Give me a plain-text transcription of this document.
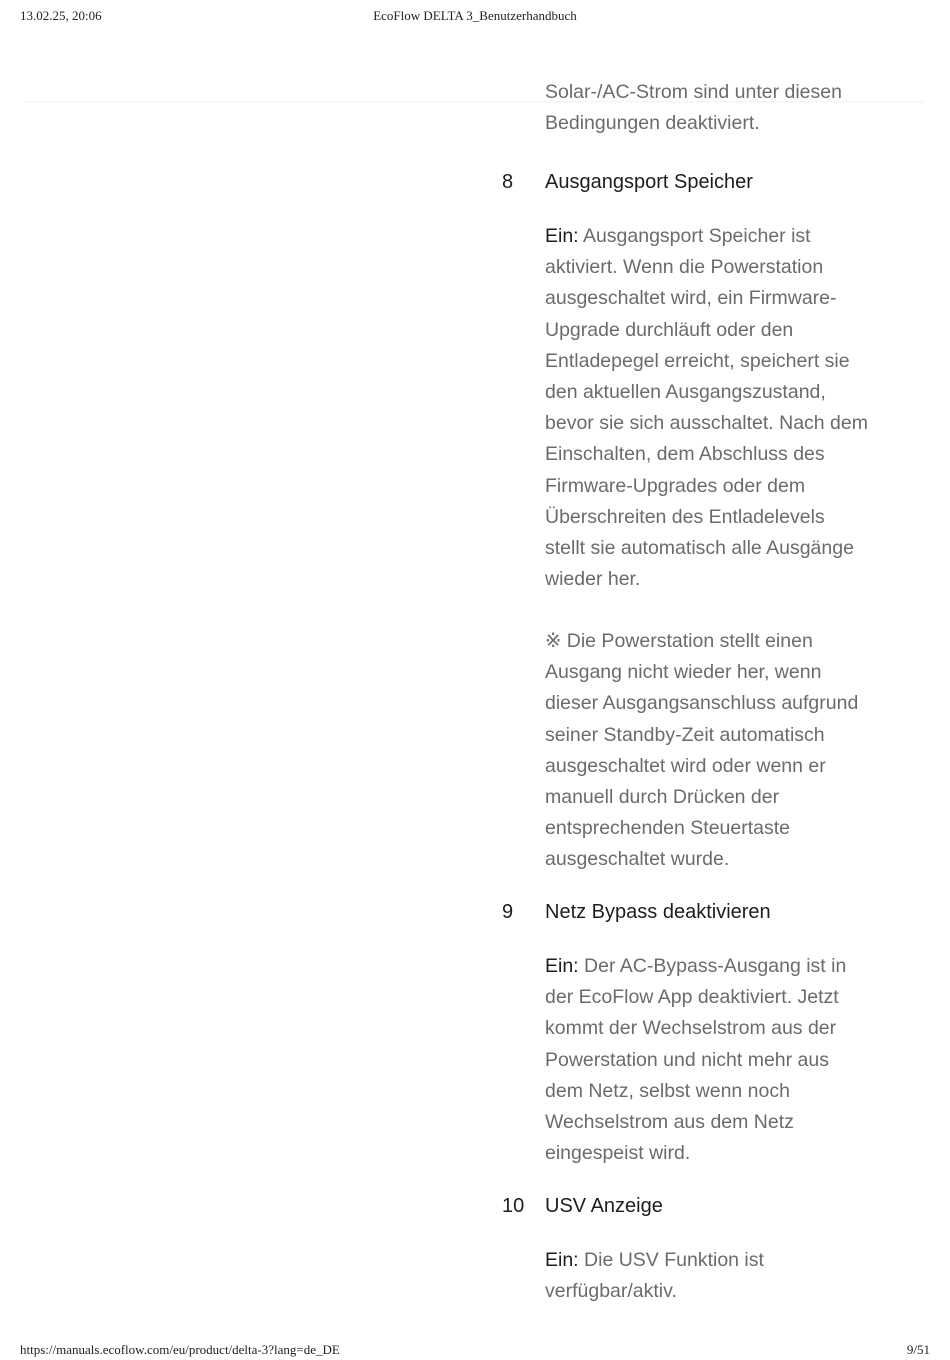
13.02.25, 20:06	EcoFlow DELTA 3_Benutzerhandbuch
Solar-/AC-Strom sind unter diesen
Bedingungen deaktiviert.
8 Ausgangsport Speicher
Ein: Ausgangsport Speicher ist
aktiviert. Wenn die Powerstation
ausgeschaltet wird, ein Firmware-
Upgrade durchläuft oder den
Entladepegel erreicht, speichert sie
den aktuellen Ausgangszustand,
bevor sie sich ausschaltet. Nach dem
Einschalten, dem Abschluss des
Firmware-Upgrades oder dem
Überschreiten des Entladelevels
stellt sie automatisch alle Ausgänge
wieder her.
※ Die Powerstation stellt einen
Ausgang nicht wieder her, wenn
dieser Ausgangsanschluss aufgrund
seiner Standby-Zeit automatisch
ausgeschaltet wird oder wenn er
manuell durch Drücken der
entsprechenden Steuertaste
ausgeschaltet wurde.
9 Netz Bypass deaktivieren
Ein: Der AC-Bypass-Ausgang ist in
der EcoFlow App deaktiviert. Jetzt
kommt der Wechselstrom aus der
Powerstation und nicht mehr aus
dem Netz, selbst wenn noch
Wechselstrom aus dem Netz
eingespeist wird.
10 USV Anzeige
Ein: Die USV Funktion ist
verfügbar/aktiv.
https://manuals.ecoflow.com/eu/product/delta-3?lang=de_DE	9/51
